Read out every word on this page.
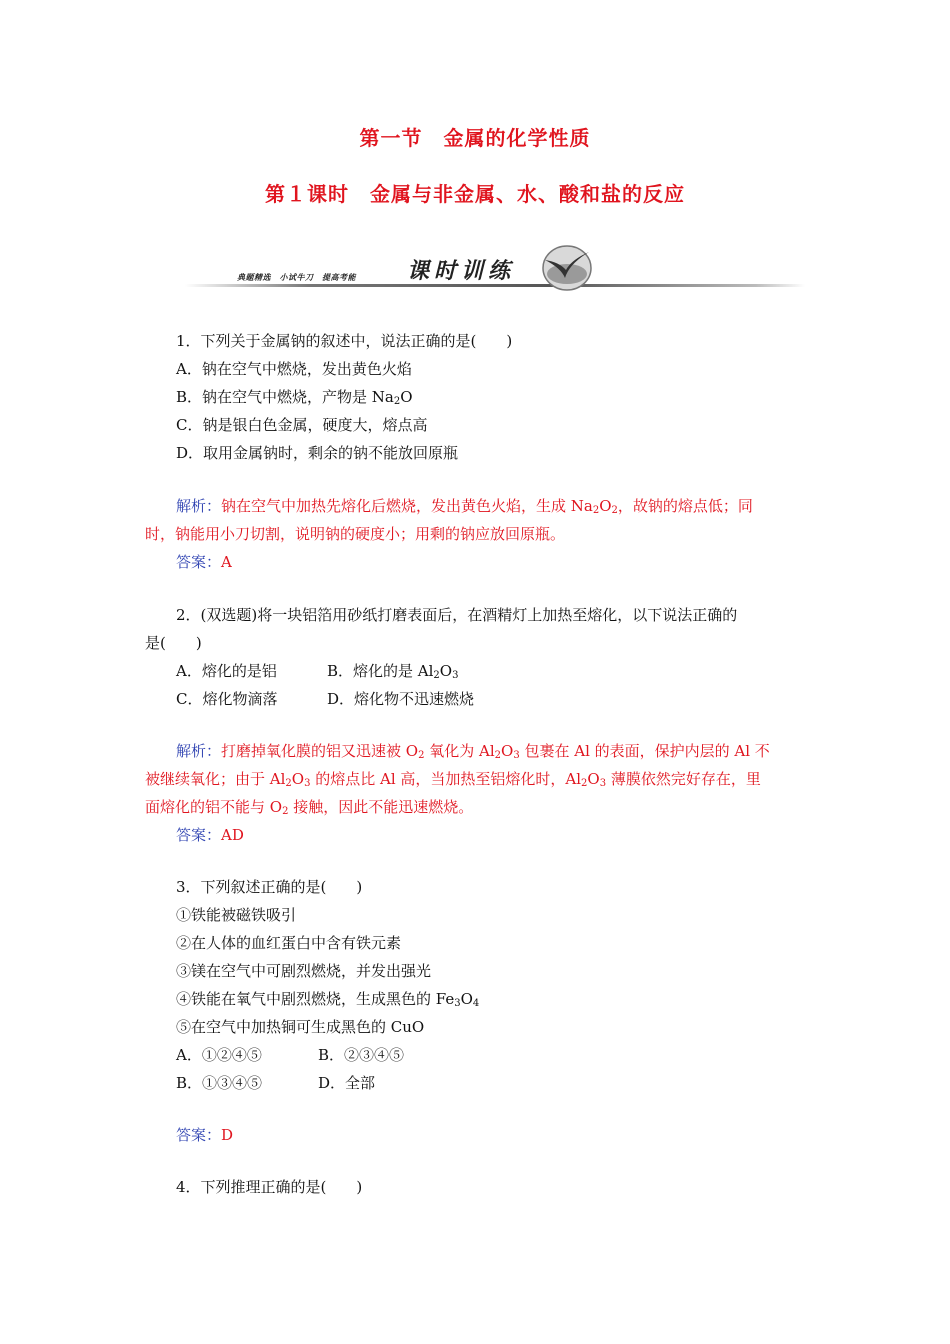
第一节　金属的化学性质
第１课时　金属与非金属、水、酸和盐的反应
典题精选　小试牛刀　提高考能 课时训练
1．下列关于金属钠的叙述中，说法正确的是(　　)
A．钠在空气中燃烧，发出黄色火焰
B．钠在空气中燃烧，产物是 $Na_2O$
C．钠是银白色金属，硬度大，熔点高
D．取用金属钠时，剩余的钠不能放回原瓶
解析：钠在空气中加热先熔化后燃烧，发出黄色火焰，生成 $Na_2O_2$，故钠的熔点低；同
时，钠能用小刀切割，说明钠的硬度小；用剩的钠应放回原瓶。
答案：A
2．(双选题)将一块铝箔用砂纸打磨表面后，在酒精灯上加热至熔化，以下说法正确的
是(　　)
A．熔化的是铝	B．熔化的是 $Al_2O_3$
C．熔化物滴落	D．熔化物不迅速燃烧
解析：打磨掉氧化膜的铝又迅速被 $O_2$ 氧化为 $Al_2O_3$ 包裹在 Al 的表面，保护内层的 Al 不
被继续氧化；由于 $Al_2O_3$ 的熔点比 Al 高，当加热至铝熔化时，$Al_2O_3$ 薄膜依然完好存在，里
面熔化的铝不能与 $O_2$ 接触，因此不能迅速燃烧。
答案：AD
3．下列叙述正确的是(　　)
①铁能被磁铁吸引
②在人体的血红蛋白中含有铁元素
③镁在空气中可剧烈燃烧，并发出强光
④铁能在氧气中剧烈燃烧，生成黑色的 $Fe_3O_4$
⑤在空气中加热铜可生成黑色的 CuO
A．①②④⑤	B．②③④⑤
B．①③④⑤	D．全部
答案：D
4．下列推理正确的是(　　)
